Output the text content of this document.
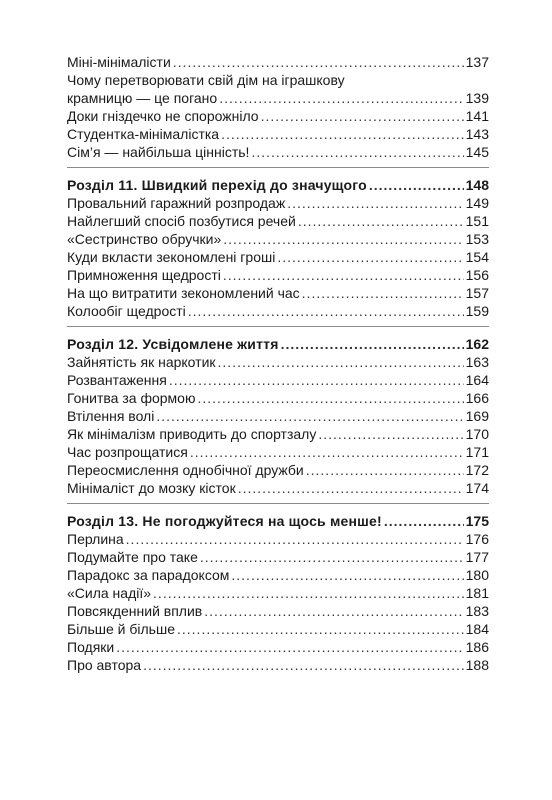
Міні-мінімалісти .....	137
Чому перетворювати свій дім на іграшкову
крамницю — це погано .....	139
Доки гніздечко не спорожніло .....	141
Студентка-мінімалістка .....	143
Сім’я — найбільша цінність! .....	145
Розділ 11. Швидкий перехід до значущого .....	148
Провальний гаражний розпродаж .....	149
Найлегший спосіб позбутися речей .....	151
«Сестринство обручки» .....	153
Куди вкласти зекономлені гроші .....	154
Примноження щедрості .....	156
На що витратити зекономлений час .....	157
Колообіг щедрості .....	159
Розділ 12. Усвідомлене життя .....	162
Зайнятість як наркотик .....	163
Розвантаження .....	164
Гонитва за формою .....	166
Втілення волі .....	169
Як мінімалізм приводить до спортзалу .....	170
Час розпрощатися .....	171
Переосмислення однобічної дружби .....	172
Мінімаліст до мозку кісток .....	174
Розділ 13. Не погоджуйтеся на щось менше! .....	175
Перлина .....	176
Подумайте про таке .....	177
Парадокс за парадоксом .....	180
«Сила надії» .....	181
Повсякденний вплив .....	183
Більше й більше .....	184
Подяки .....	186
Про автора .....	188
